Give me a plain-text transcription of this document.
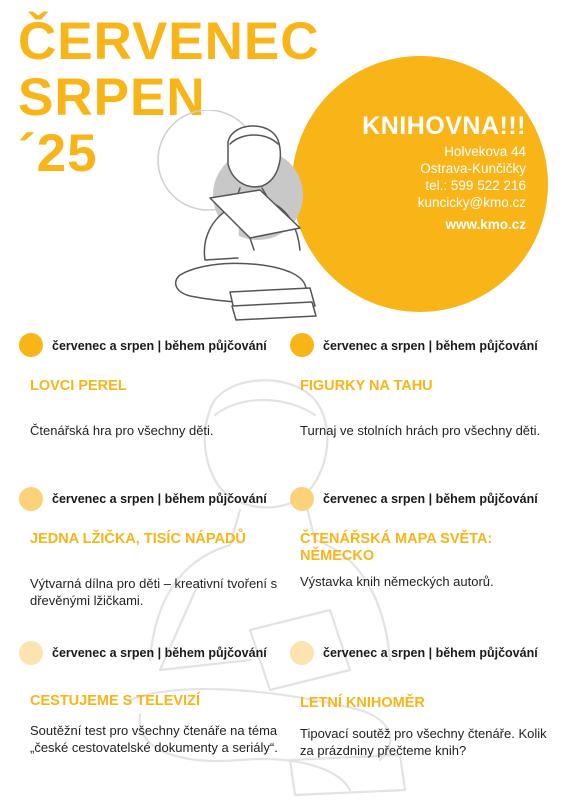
ČERVENEC
SRPEN
´25	KNIHOVNA!!!
Holvekova 44
Ostrava-Kunčičky
tel.: 599 522 216
kuncicky@kmo.cz
www.kmo.cz
červenec a srpen | během půjčování
LOVCI PEREL
Čtenářská hra pro všechny děti.
červenec a srpen | během půjčování
FIGURKY NA TAHU
Turnaj ve stolních hrách pro všechny děti.
červenec a srpen | během půjčování
JEDNA LŽIČKA, TISÍC NÁPADŮ
Výtvarná dílna pro děti – kreativní tvoření s dřevěnými lžičkami.
červenec a srpen | během půjčování
ČTENÁŘSKÁ MAPA SVĚTA: NĚMECKO
Výstavka knih německých autorů.
červenec a srpen | během půjčování
CESTUJEME S TELEVIZÍ
Soutěžní test pro všechny čtenáře na téma „české cestovatelské dokumenty a seriály“.
červenec a srpen | během půjčování
LETNÍ KNIHOMĚR
Tipovací soutěž pro všechny čtenáře. Kolik za prázdniny přečteme knih?
